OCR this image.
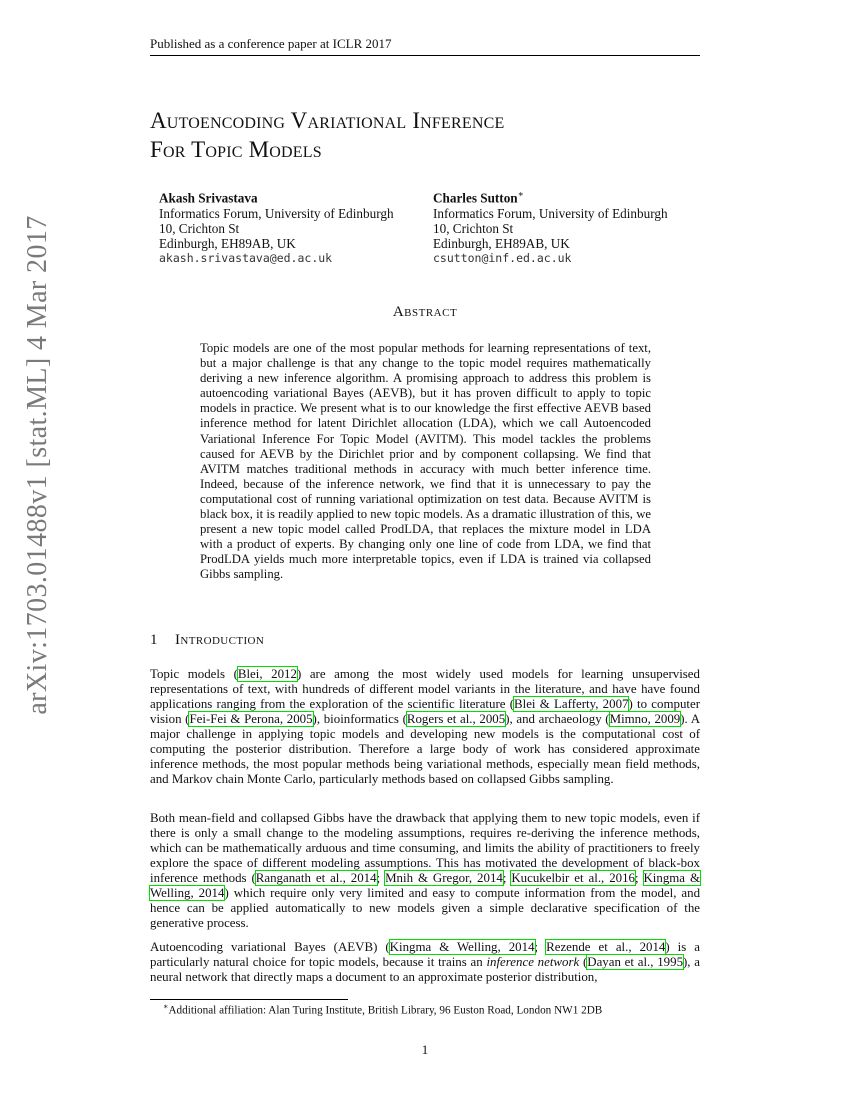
Published as a conference paper at ICLR 2017
Autoencoding Variational Inference
For Topic Models
Akash Srivastava
Informatics Forum, University of Edinburgh
10, Crichton St
Edinburgh, EH89AB, UK
akash.srivastava@ed.ac.uk
Charles Sutton∗
Informatics Forum, University of Edinburgh
10, Crichton St
Edinburgh, EH89AB, UK
csutton@inf.ed.ac.uk
Abstract
Topic models are one of the most popular methods for learning representations of text, but a major challenge is that any change to the topic model requires mathematically deriving a new inference algorithm. A promising approach to address this problem is autoencoding variational Bayes (AEVB), but it has proven difficult to apply to topic models in practice. We present what is to our knowledge the first effective AEVB based inference method for latent Dirichlet allocation (LDA), which we call Autoencoded Variational Inference For Topic Model (AVITM). This model tackles the problems caused for AEVB by the Dirichlet prior and by component collapsing. We find that AVITM matches traditional methods in accuracy with much better inference time. Indeed, because of the inference network, we find that it is unnecessary to pay the computational cost of running variational optimization on test data. Because AVITM is black box, it is readily applied to new topic models. As a dramatic illustration of this, we present a new topic model called ProdLDA, that replaces the mixture model in LDA with a product of experts. By changing only one line of code from LDA, we find that ProdLDA yields much more interpretable topics, even if LDA is trained via collapsed Gibbs sampling.
1 Introduction
Topic models (Blei, 2012) are among the most widely used models for learning unsupervised representations of text, with hundreds of different model variants in the literature, and have have found applications ranging from the exploration of the scientific literature (Blei & Lafferty, 2007) to computer vision (Fei-Fei & Perona, 2005), bioinformatics (Rogers et al., 2005), and archaeology (Mimno, 2009). A major challenge in applying topic models and developing new models is the computational cost of computing the posterior distribution. Therefore a large body of work has considered approximate inference methods, the most popular methods being variational methods, especially mean field methods, and Markov chain Monte Carlo, particularly methods based on collapsed Gibbs sampling.
Both mean-field and collapsed Gibbs have the drawback that applying them to new topic models, even if there is only a small change to the modeling assumptions, requires re-deriving the inference methods, which can be mathematically arduous and time consuming, and limits the ability of practitioners to freely explore the space of different modeling assumptions. This has motivated the development of black-box inference methods (Ranganath et al., 2014; Mnih & Gregor, 2014; Kucukelbir et al., 2016; Kingma & Welling, 2014) which require only very limited and easy to compute information from the model, and hence can be applied automatically to new models given a simple declarative specification of the generative process.
Autoencoding variational Bayes (AEVB) (Kingma & Welling, 2014; Rezende et al., 2014) is a particularly natural choice for topic models, because it trains an inference network (Dayan et al., 1995), a neural network that directly maps a document to an approximate posterior distribution,
∗Additional affiliation: Alan Turing Institute, British Library, 96 Euston Road, London NW1 2DB
1
arXiv:1703.01488v1 [stat.ML] 4 Mar 2017
